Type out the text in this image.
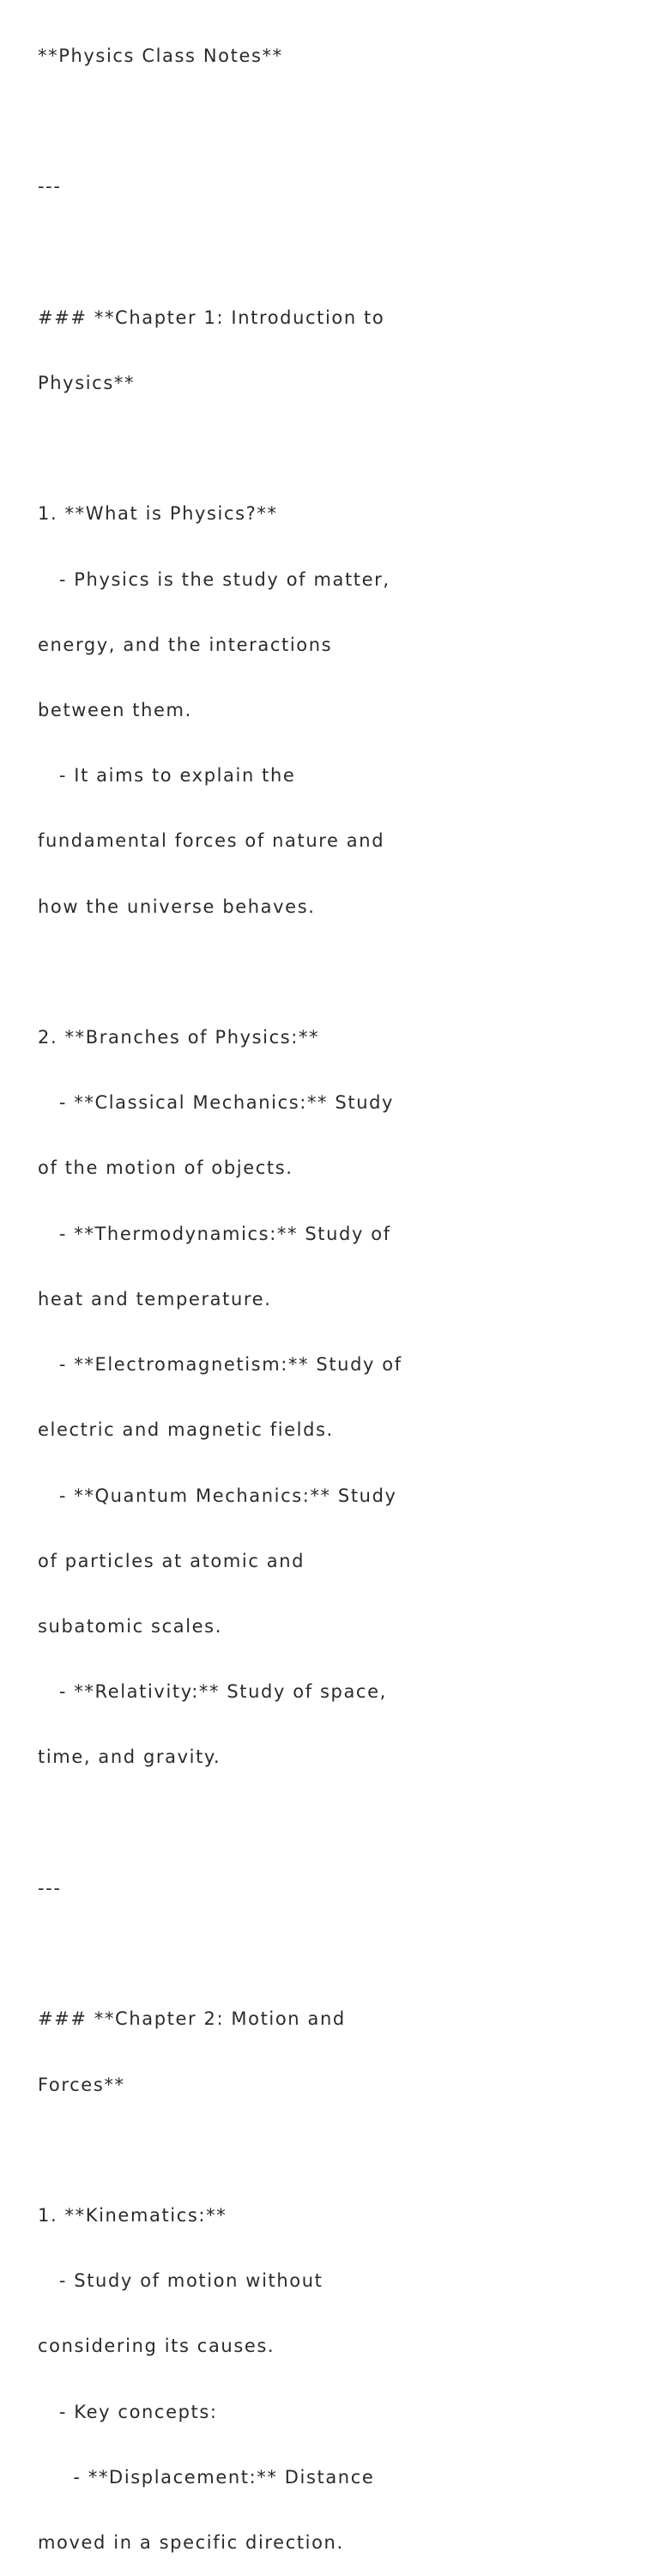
**Physics Class Notes**

---

### **Chapter 1: Introduction to

Physics**

1. **What is Physics?**

- Physics is the study of matter,

energy, and the interactions

between them.

- It aims to explain the

fundamental forces of nature and

how the universe behaves.

2. **Branches of Physics:**

- **Classical Mechanics:** Study

of the motion of objects.

- **Thermodynamics:** Study of

heat and temperature.

- **Electromagnetism:** Study of

electric and magnetic fields.

- **Quantum Mechanics:** Study

of particles at atomic and

subatomic scales.

- **Relativity:** Study of space,

time, and gravity.

---

### **Chapter 2: Motion and

Forces**

1. **Kinematics:**

- Study of motion without

considering its causes.

- Key concepts:

- **Displacement:** Distance

moved in a specific direction.
